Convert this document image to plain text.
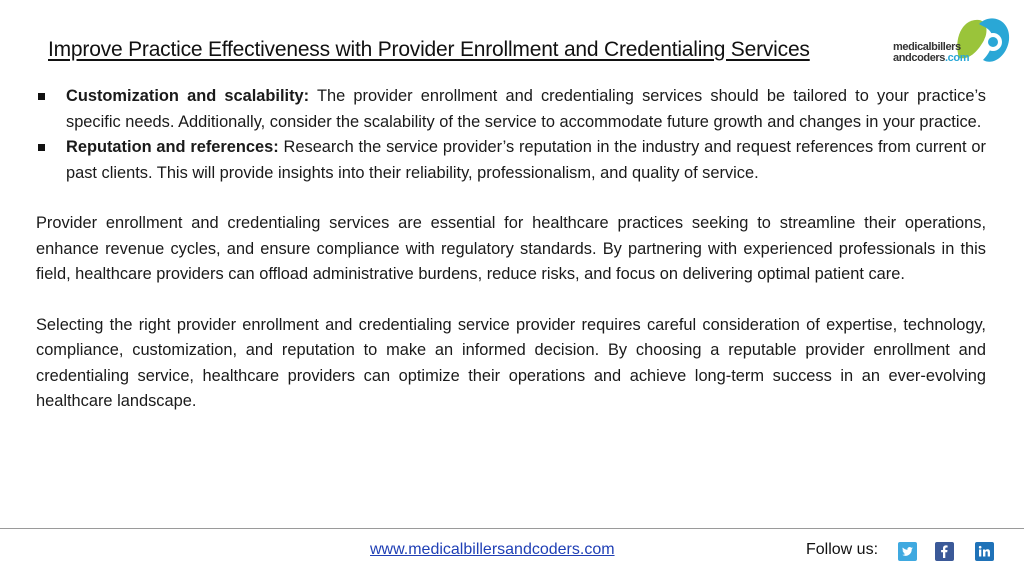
Improve Practice Effectiveness with Provider Enrollment and Credentialing Services	medicalbillers
andcoders.com
Customization and scalability: The provider enrollment and credentialing services should be tailored to your practice’s specific needs. Additionally, consider the scalability of the service to accommodate future growth and changes in your practice.
Reputation and references: Research the service provider’s reputation in the industry and request references from current or past clients. This will provide insights into their reliability, professionalism, and quality of service.

Provider enrollment and credentialing services are essential for healthcare practices seeking to streamline their operations, enhance revenue cycles, and ensure compliance with regulatory standards. By partnering with experienced professionals in this field, healthcare providers can offload administrative burdens, reduce risks, and focus on delivering optimal patient care.

Selecting the right provider enrollment and credentialing service provider requires careful consideration of expertise, technology, compliance, customization, and reputation to make an informed decision. By choosing a reputable provider enrollment and credentialing service, healthcare providers can optimize their operations and achieve long-term success in an ever-evolving healthcare landscape.

www.medicalbillersandcoders.com	Follow us:
